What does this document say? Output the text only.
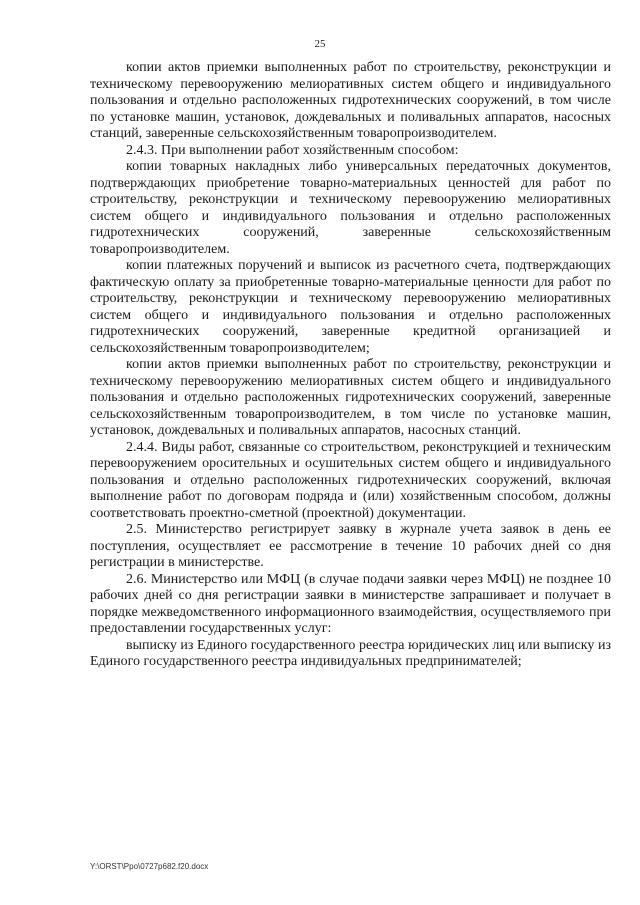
25

копии актов приемки выполненных работ по строительству, реконструкции и техническому перевооружению мелиоративных систем общего и индивидуального пользования и отдельно расположенных гидротехнических сооружений, в том числе по установке машин, установок, дождевальных и поливальных аппаратов, насосных станций, заверенные сельскохозяйственным товаропроизводителем.

2.4.3. При выполнении работ хозяйственным способом:

копии товарных накладных либо универсальных передаточных документов, подтверждающих приобретение товарно-материальных ценностей для работ по строительству, реконструкции и техническому перевооружению мелиоративных систем общего и индивидуального пользования и отдельно расположенных гидротехнических сооружений, заверенные сельскохозяйственным товаропроизводителем.

копии платежных поручений и выписок из расчетного счета, подтверждающих фактическую оплату за приобретенные товарно-материальные ценности для работ по строительству, реконструкции и техническому перевооружению мелиоративных систем общего и индивидуального пользования и отдельно расположенных гидротехнических сооружений, заверенные кредитной организацией и сельскохозяйственным товаропроизводителем;

копии актов приемки выполненных работ по строительству, реконструкции и техническому перевооружению мелиоративных систем общего и индивидуального пользования и отдельно расположенных гидротехнических сооружений, заверенные сельскохозяйственным товаропроизводителем, в том числе по установке машин, установок, дождевальных и поливальных аппаратов, насосных станций.

2.4.4. Виды работ, связанные со строительством, реконструкцией и техническим перевооружением оросительных и осушительных систем общего и индивидуального пользования и отдельно расположенных гидротехнических сооружений, включая выполнение работ по договорам подряда и (или) хозяйственным способом, должны соответствовать проектно-сметной (проектной) документации.

2.5. Министерство регистрирует заявку в журнале учета заявок в день ее поступления, осуществляет ее рассмотрение в течение 10 рабочих дней со дня регистрации в министерстве.

2.6. Министерство или МФЦ (в случае подачи заявки через МФЦ) не позднее 10 рабочих дней со дня регистрации заявки в министерстве запрашивает и получает в порядке межведомственного информационного взаимодействия, осуществляемого при предоставлении государственных услуг:

выписку из Единого государственного реестра юридических лиц или выписку из Единого государственного реестра индивидуальных предпринимателей;

Y:\ORST\Ppo\0727p682.f20.docx
